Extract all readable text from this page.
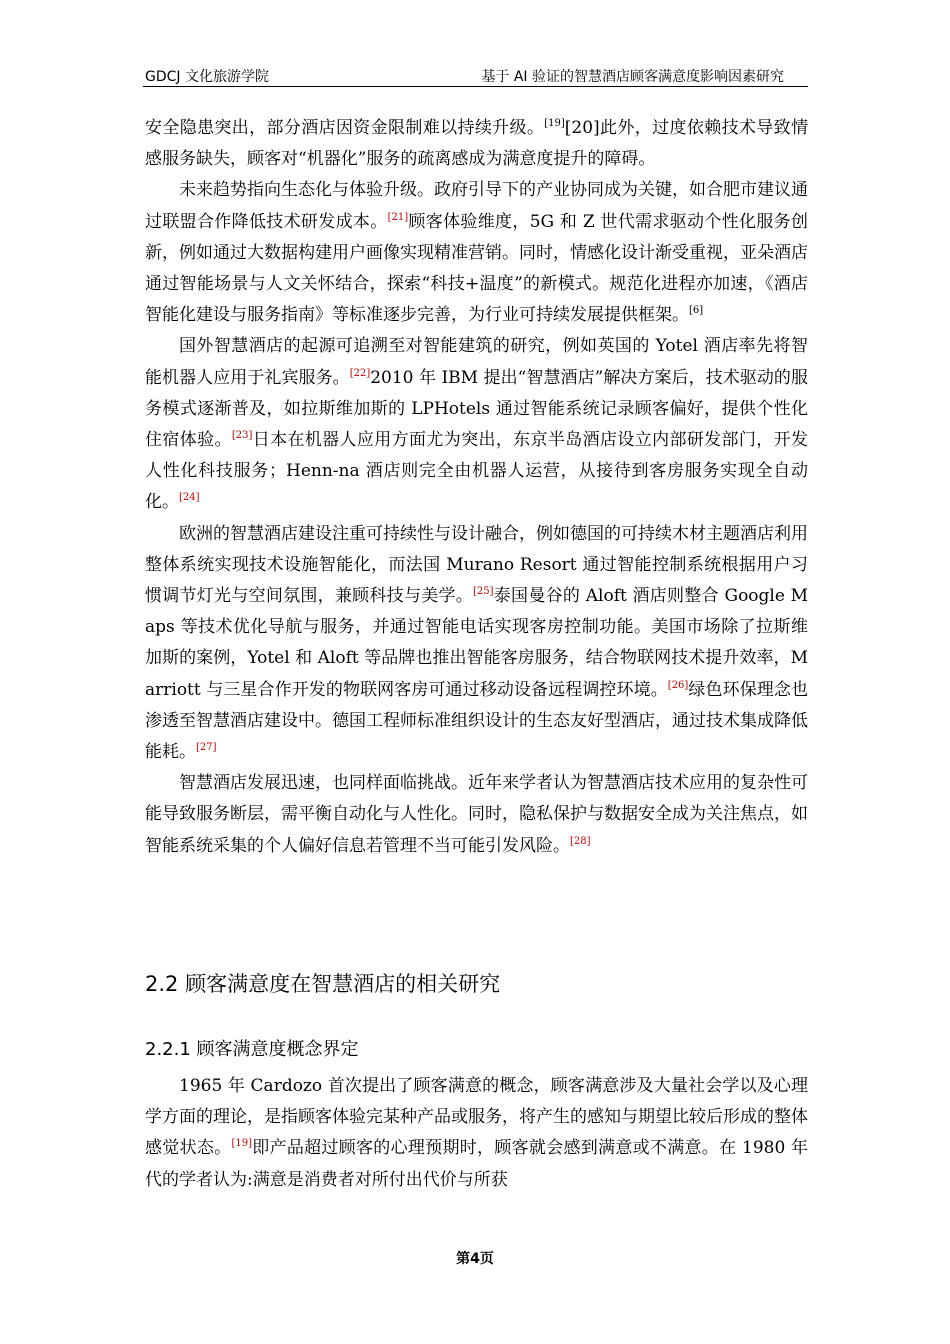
GDCJ 文化旅游学院	基于 AI 验证的智慧酒店顾客满意度影响因素研究

安全隐患突出，部分酒店因资金限制难以持续升级。[19][20]此外，过度依赖技术导致情感服务缺失，顾客对“机器化”服务的疏离感成为满意度提升的障碍。

未来趋势指向生态化与体验升级。政府引导下的产业协同成为关键，如合肥市建议通过联盟合作降低技术研发成本。[21]顾客体验维度，5G 和 Z 世代需求驱动个性化服务创新，例如通过大数据构建用户画像实现精准营销。同时，情感化设计渐受重视，亚朵酒店通过智能场景与人文关怀结合，探索“科技+温度”的新模式。规范化进程亦加速，《酒店智能化建设与服务指南》等标准逐步完善，为行业可持续发展提供框架。[6]

国外智慧酒店的起源可追溯至对智能建筑的研究，例如英国的 Yotel 酒店率先将智能机器人应用于礼宾服务。[22]2010 年 IBM 提出“智慧酒店”解决方案后，技术驱动的服务模式逐渐普及，如拉斯维加斯的 LPHotels 通过智能系统记录顾客偏好，提供个性化住宿体验。[23]日本在机器人应用方面尤为突出，东京半岛酒店设立内部研发部门，开发人性化科技服务；Henn-na 酒店则完全由机器人运营，从接待到客房服务实现全自动化。[24]

欧洲的智慧酒店建设注重可持续性与设计融合，例如德国的可持续木材主题酒店利用整体系统实现技术设施智能化，而法国 Murano Resort 通过智能控制系统根据用户习惯调节灯光与空间氛围，兼顾科技与美学。[25]泰国曼谷的 Aloft 酒店则整合 Google Maps 等技术优化导航与服务，并通过智能电话实现客房控制功能。美国市场除了拉斯维加斯的案例，Yotel 和 Aloft 等品牌也推出智能客房服务，结合物联网技术提升效率，Marriott 与三星合作开发的物联网客房可通过移动设备远程调控环境。[26]绿色环保理念也渗透至智慧酒店建设中。德国工程师标准组织设计的生态友好型酒店，通过技术集成降低能耗。[27]

智慧酒店发展迅速，也同样面临挑战。近年来学者认为智慧酒店技术应用的复杂性可能导致服务断层，需平衡自动化与人性化。同时，隐私保护与数据安全成为关注焦点，如智能系统采集的个人偏好信息若管理不当可能引发风险。[28]

2.2 顾客满意度在智慧酒店的相关研究
2.2.1 顾客满意度概念界定

1965 年 Cardozo 首次提出了顾客满意的概念，顾客满意涉及大量社会学以及心理学方面的理论，是指顾客体验完某种产品或服务，将产生的感知与期望比较后形成的整体感觉状态。[19]即产品超过顾客的心理预期时，顾客就会感到满意或不满意。在 1980 年代的学者认为:满意是消费者对所付出代价与所获

第4页
